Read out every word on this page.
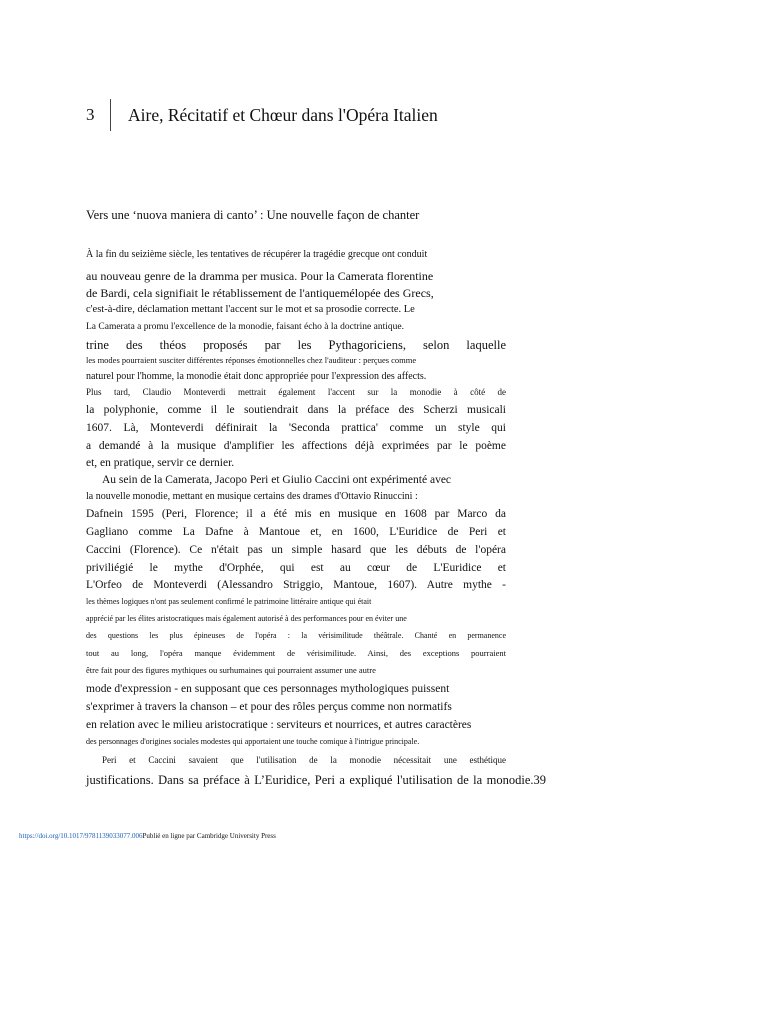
3	Aire, Récitatif et Chœur dans l'Opéra Italien
Vers une ‘nuova maniera di canto’ : Une nouvelle façon de chanter
À la fin du seizième siècle, les tentatives de récupérer la tragédie grecque ont conduit
au nouveau genre de la dramma per musica. Pour la Camerata florentine
de Bardi, cela signifiait le rétablissement de l'antiquemélopée des Grecs,
c'est-à-dire, déclamation mettant l'accent sur le mot et sa prosodie correcte. Le
La Camerata a promu l'excellence de la monodie, faisant écho à la doctrine antique.
trine des théos proposés par les Pythagoriciens, selon laquelle
les modes pourraient susciter différentes réponses émotionnelles chez l'auditeur : perçues comme
naturel pour l'homme, la monodie était donc appropriée pour l'expression des affects.
Plus tard, Claudio Monteverdi mettrait également l'accent sur la monodie à côté de
la polyphonie, comme il le soutiendrait dans la préface des Scherzi musicali
1607. Là, Monteverdi définirait la 'Seconda prattica' comme un style qui
a demandé à la musique d'amplifier les affections déjà exprimées par le poème
et, en pratique, servir ce dernier.
Au sein de la Camerata, Jacopo Peri et Giulio Caccini ont expérimenté avec
la nouvelle monodie, mettant en musique certains des drames d'Ottavio Rinuccini :
Dafnein 1595 (Peri, Florence; il a été mis en musique en 1608 par Marco da
Gagliano comme La Dafne à Mantoue et, en 1600, L'Euridice de Peri et
Caccini (Florence). Ce n'était pas un simple hasard que les débuts de l'opéra
priviliégié le mythe d'Orphée, qui est au cœur de L'Euridice et
L'Orfeo de Monteverdi (Alessandro Striggio, Mantoue, 1607). Autre mythe -
les thèmes logiques n'ont pas seulement confirmé le patrimoine littéraire antique qui était
apprécié par les élites aristocratiques mais également autorisé à des performances pour en éviter une
des questions les plus épineuses de l'opéra : la vérisimilitude théâtrale. Chanté en permanence
tout au long, l'opéra manque évidemment de vérisimilitude. Ainsi, des exceptions pourraient
être fait pour des figures mythiques ou surhumaines qui pourraient assumer une autre
mode d'expression - en supposant que ces personnages mythologiques puissent
s'exprimer à travers la chanson – et pour des rôles perçus comme non normatifs
en relation avec le milieu aristocratique : serviteurs et nourrices, et autres caractères
des personnages d'origines sociales modestes qui apportaient une touche comique à l'intrigue principale.
Peri et Caccini savaient que l'utilisation de la monodie nécessitait une esthétique
justifications. Dans sa préface à L’Euridice, Peri a expliqué l'utilisation de la monodie.39
https://doi.org/10.1017/9781139033077.006Publié en ligne par Cambridge University Press
